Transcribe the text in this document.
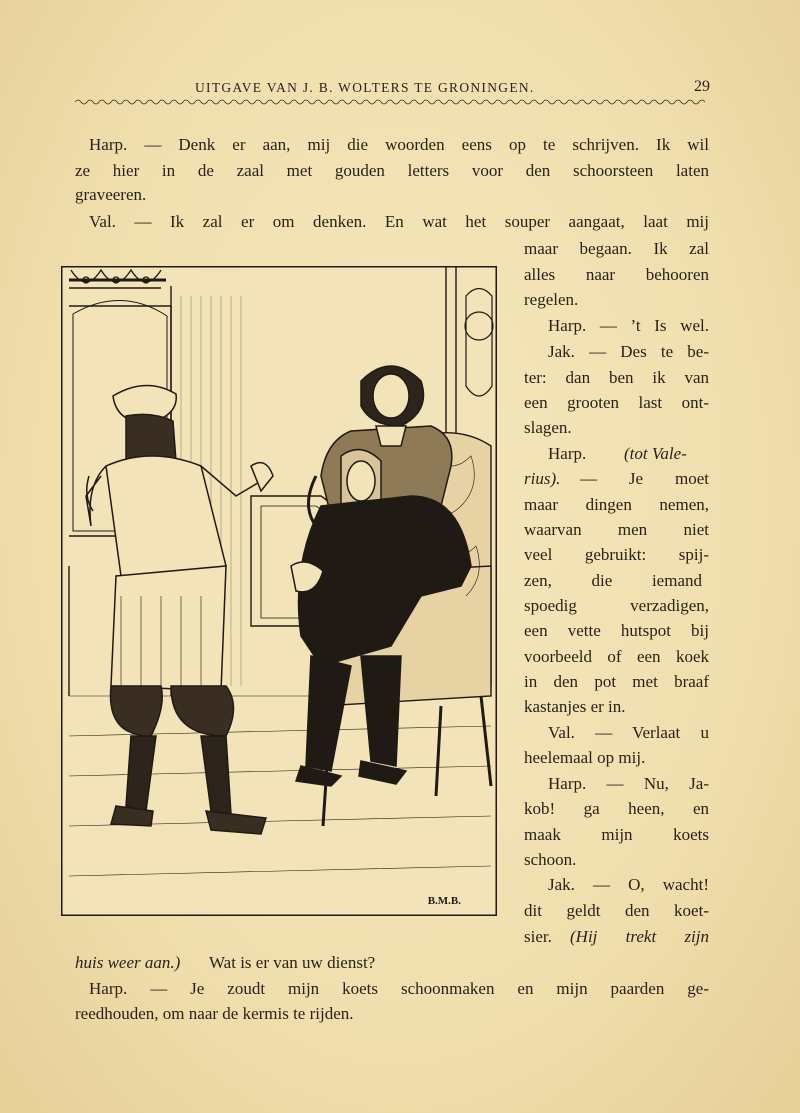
UITGAVE VAN J. B. WOLTERS TE GRONINGEN.	29
Harp. — Denk er aan, mij die woorden eens op te schrijven. Ik wil
ze hier in de zaal met gouden letters voor den schoorsteen laten
graveeren.
Val. — Ik zal er om denken. En wat het souper aangaat, laat mij
maar begaan. Ik zal
alles naar behooren
regelen.
Harp. — ’t Is wel.
Jak. — Des te be-
ter: dan ben ik van
een grooten last ont-
slagen.
Harp. (tot Vale-
rius). — Je moet
maar dingen nemen,
waarvan men niet
veel gebruikt: spij-
zen, die iemand
spoedig verzadigen,
een vette hutspot bij
voorbeeld of een koek
in den pot met braaf
kastanjes er in.
Val. — Verlaat u
heelemaal op mij.
Harp. — Nu, Ja-
kob! ga heen, en
maak mijn koets
schoon.
Jak. — O, wacht!
dit geldt den koet-
sier. (Hij trekt zijn
huis weer aan.) Wat is er van uw dienst?
Harp. — Je zoudt mijn koets schoonmaken en mijn paarden ge-
reedhouden, om naar de kermis te rijden.
B.M.B.
